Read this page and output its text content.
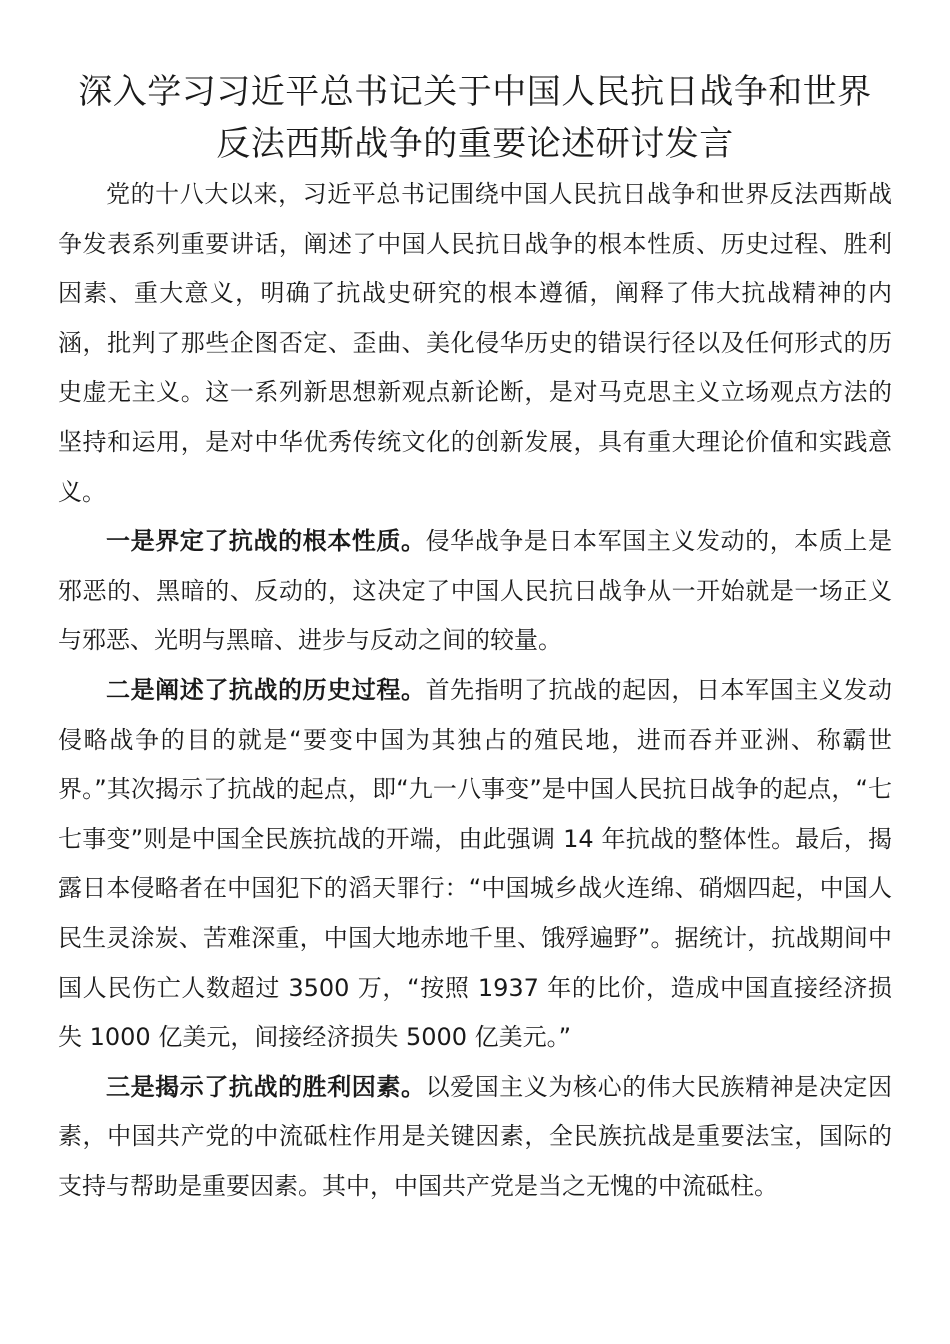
深入学习习近平总书记关于中国人民抗日战争和世界
反法西斯战争的重要论述研讨发言

党的十八大以来，习近平总书记围绕中国人民抗日战争和世界反法西斯战争发表系列重要讲话，阐述了中国人民抗日战争的根本性质、历史过程、胜利因素、重大意义，明确了抗战史研究的根本遵循，阐释了伟大抗战精神的内涵，批判了那些企图否定、歪曲、美化侵华历史的错误行径以及任何形式的历史虚无主义。这一系列新思想新观点新论断，是对马克思主义立场观点方法的坚持和运用，是对中华优秀传统文化的创新发展，具有重大理论价值和实践意义。

一是界定了抗战的根本性质。侵华战争是日本军国主义发动的，本质上是邪恶的、黑暗的、反动的，这决定了中国人民抗日战争从一开始就是一场正义与邪恶、光明与黑暗、进步与反动之间的较量。

二是阐述了抗战的历史过程。首先指明了抗战的起因，日本军国主义发动侵略战争的目的就是“要变中国为其独占的殖民地，进而吞并亚洲、称霸世界。”其次揭示了抗战的起点，即“九一八事变”是中国人民抗日战争的起点，“七七事变”则是中国全民族抗战的开端，由此强调 14 年抗战的整体性。最后，揭露日本侵略者在中国犯下的滔天罪行：“中国城乡战火连绵、硝烟四起，中国人民生灵涂炭、苦难深重，中国大地赤地千里、饿殍遍野”。据统计，抗战期间中国人民伤亡人数超过 3500 万，“按照 1937 年的比价，造成中国直接经济损失 1000 亿美元，间接经济损失 5000 亿美元。”

三是揭示了抗战的胜利因素。以爱国主义为核心的伟大民族精神是决定因素，中国共产党的中流砥柱作用是关键因素，全民族抗战是重要法宝，国际的支持与帮助是重要因素。其中，中国共产党是当之无愧的中流砥柱。
